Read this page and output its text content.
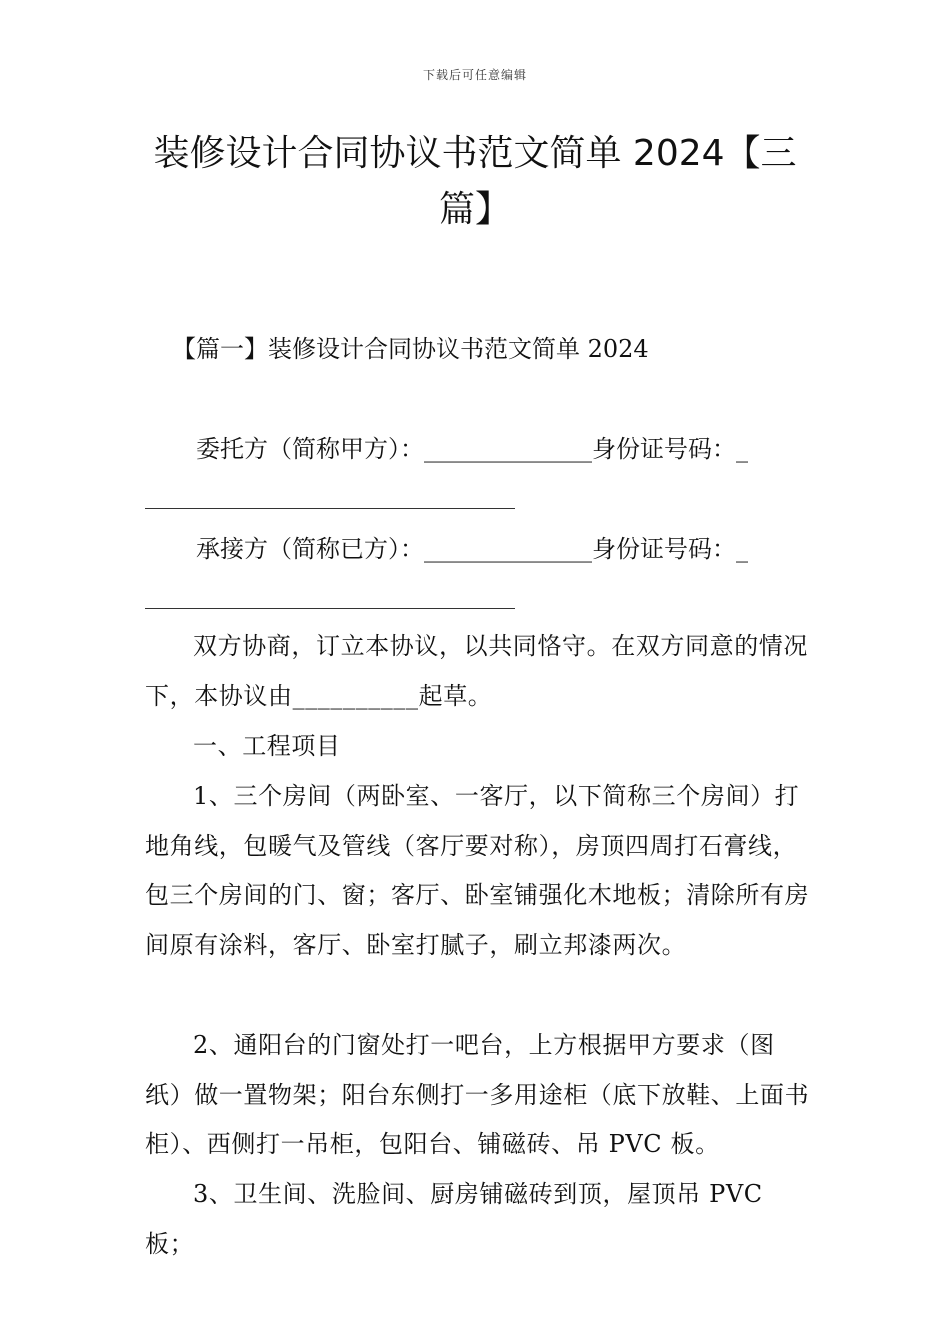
下载后可任意编辑
装修设计合同协议书范文简单 2024【三
篇】
【篇一】装修设计合同协议书范文简单 2024
委托方（简称甲方）：______________身份证号码：_
承接方（简称已方）：______________身份证号码：_
双方协商，订立本协议，以共同恪守。在双方同意的情况下，本协议由__________起草。
一、工程项目
1、三个房间（两卧室、一客厅，以下简称三个房间）打地角线，包暖气及管线（客厅要对称），房顶四周打石膏线，包三个房间的门、窗；客厅、卧室铺强化木地板；清除所有房间原有涂料，客厅、卧室打腻子，刷立邦漆两次。
2、通阳台的门窗处打一吧台，上方根据甲方要求（图纸）做一置物架；阳台东侧打一多用途柜（底下放鞋、上面书柜）、西侧打一吊柜，包阳台、铺磁砖、吊 PVC 板。
3、卫生间、洗脸间、厨房铺磁砖到顶，屋顶吊 PVC 板；
